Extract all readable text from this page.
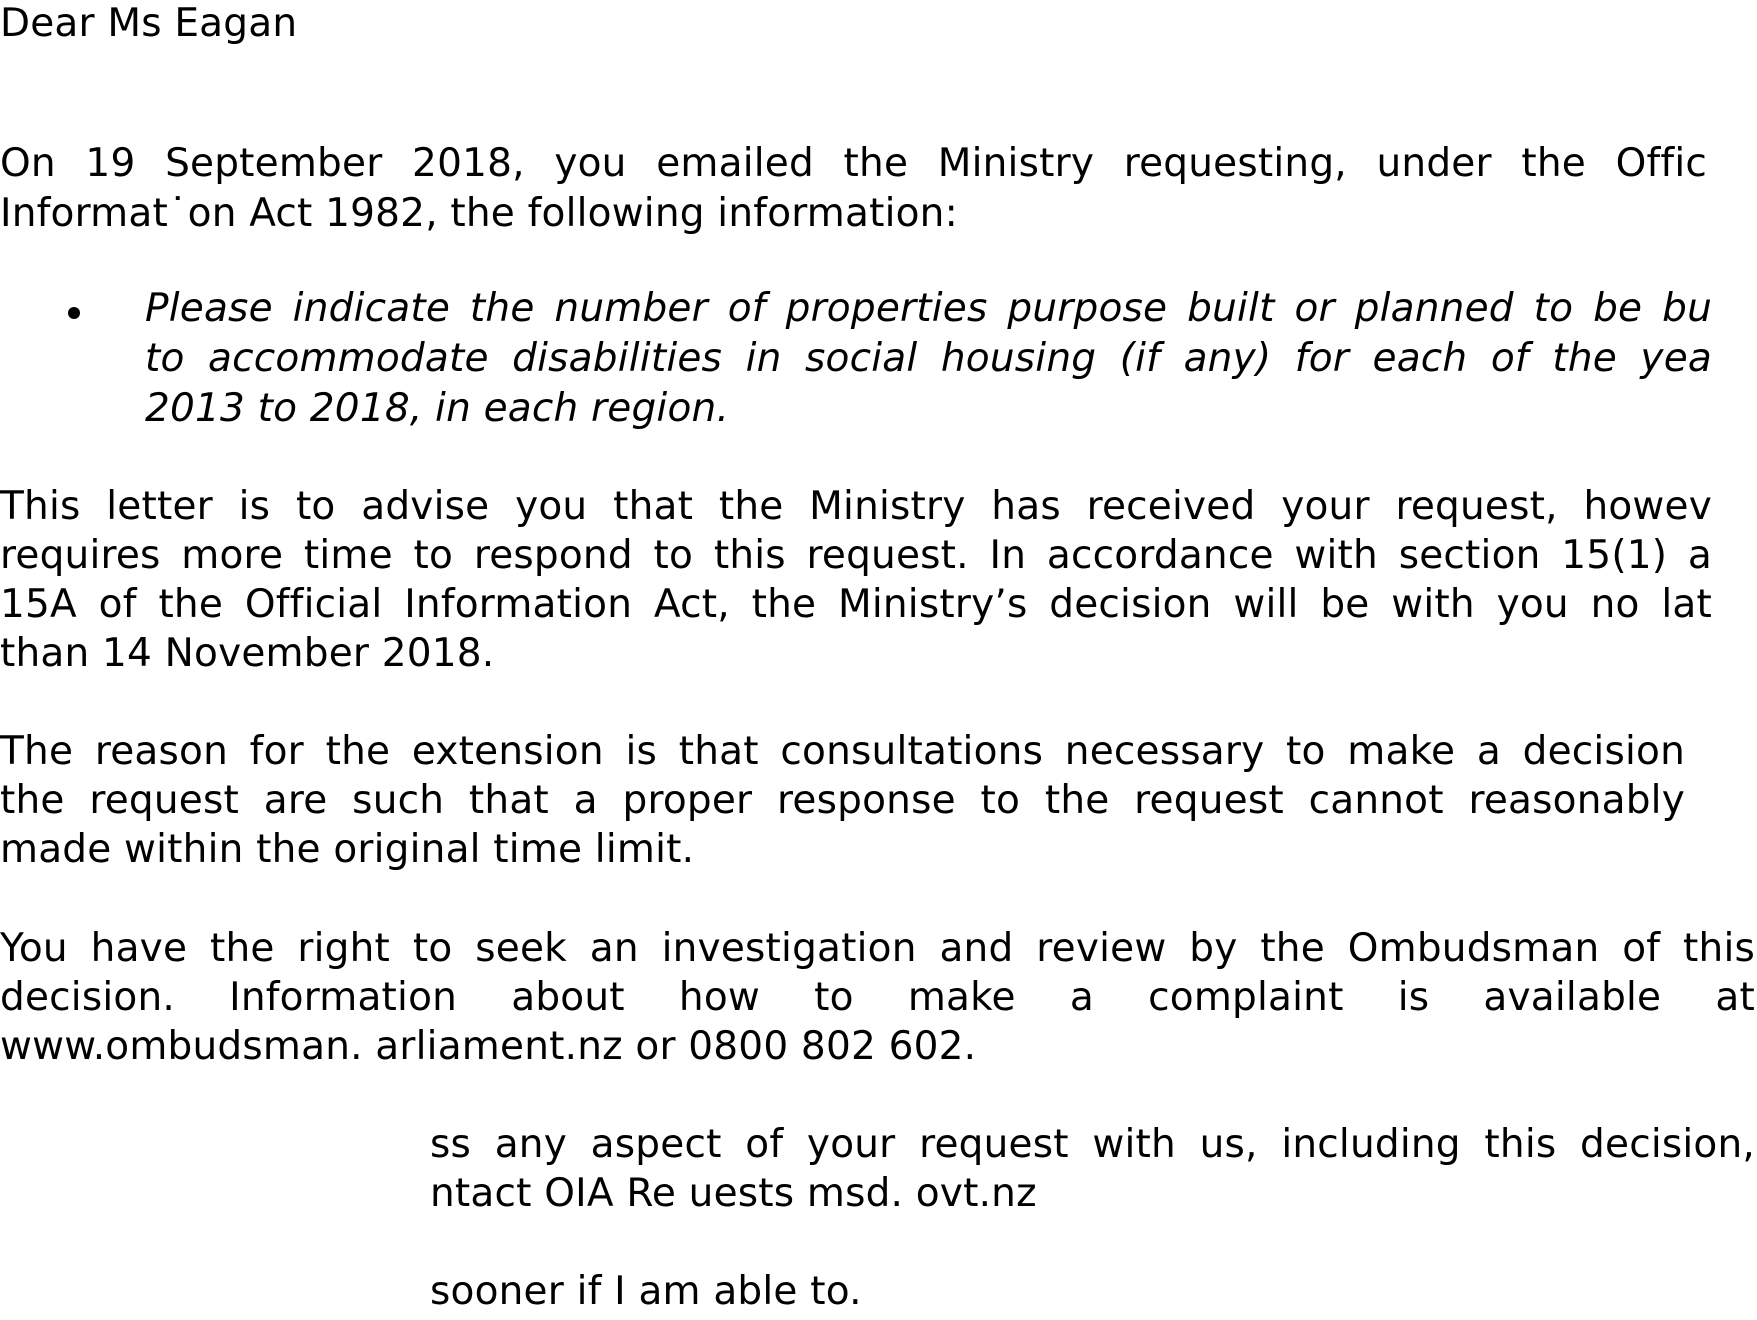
Dear Ms Eagan
On 19 September 2018, you emailed the Ministry requesting, under the Offic
Informat˙on Act 1982, the following information:
Please indicate the number of properties purpose built or planned to be bu
to accommodate disabilities in social housing (if any) for each of the yea
2013 to 2018, in each region.
This letter is to advise you that the Ministry has received your request, howev
requires more time to respond to this request. In accordance with section 15(1) a
15A of the Official Information Act, the Ministry’s decision will be with you no lat
than 14 November 2018.
The reason for the extension is that consultations necessary to make a decision
the request are such that a proper response to the request cannot reasonably
made within the original time limit.
You have the right to seek an investigation and review by the Ombudsman of this
decision. Information about how to make a complaint is available at
www.ombudsman. arliament.nz or 0800 802 602.
ss any aspect of your request with us, including this decision,
ntact OIA Re uests msd. ovt.nz
sooner if I am able to.
